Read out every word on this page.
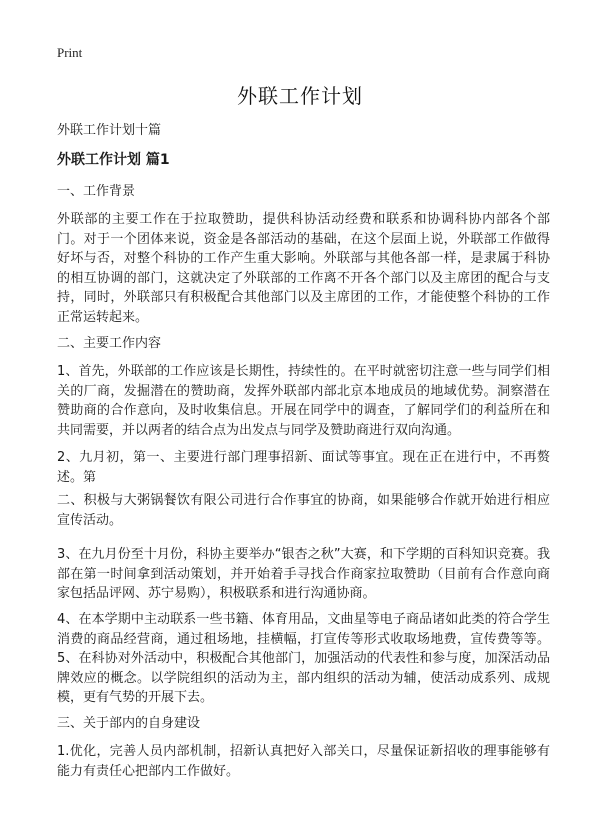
Print
外联工作计划
外联工作计划十篇
外联工作计划 篇1
一、工作背景
外联部的主要工作在于拉取赞助，提供科协活动经费和联系和协调科协内部各个部门。对于一个团体来说，资金是各部活动的基础，在这个层面上说，外联部工作做得好坏与否，对整个科协的工作产生重大影响。外联部与其他各部一样，是隶属于科协的相互协调的部门，这就决定了外联部的工作离不开各个部门以及主席团的配合与支持，同时，外联部只有积极配合其他部门以及主席团的工作，才能使整个科协的工作正常运转起来。
二、主要工作内容
1、首先，外联部的工作应该是长期性，持续性的。在平时就密切注意一些与同学们相关的厂商，发掘潜在的赞助商，发挥外联部内部北京本地成员的地域优势。洞察潜在赞助商的合作意向，及时收集信息。开展在同学中的调查，了解同学们的利益所在和共同需要，并以两者的结合点为出发点与同学及赞助商进行双向沟通。
2、九月初，第一、主要进行部门理事招新、面试等事宜。现在正在进行中，不再赘述。第
二、积极与大粥锅餐饮有限公司进行合作事宜的协商，如果能够合作就开始进行相应宣传活动。
3、在九月份至十月份，科协主要举办“银杏之秋”大赛，和下学期的百科知识竞赛。我部在第一时间拿到活动策划，并开始着手寻找合作商家拉取赞助（目前有合作意向商家包括品评网、苏宁易购），积极联系和进行沟通协商。
4、在本学期中主动联系一些书籍、体育用品，文曲星等电子商品诸如此类的符合学生消费的商品经营商，通过租场地，挂横幅，打宣传等形式收取场地费，宣传费等等。 5、在科协对外活动中，积极配合其他部门，加强活动的代表性和参与度，加深活动品牌效应的概念。以学院组织的活动为主，部内组织的活动为辅，使活动成系列、成规模，更有气势的开展下去。
三、关于部内的自身建设
1.优化，完善人员内部机制，招新认真把好入部关口，尽量保证新招收的理事能够有能力有责任心把部内工作做好。
